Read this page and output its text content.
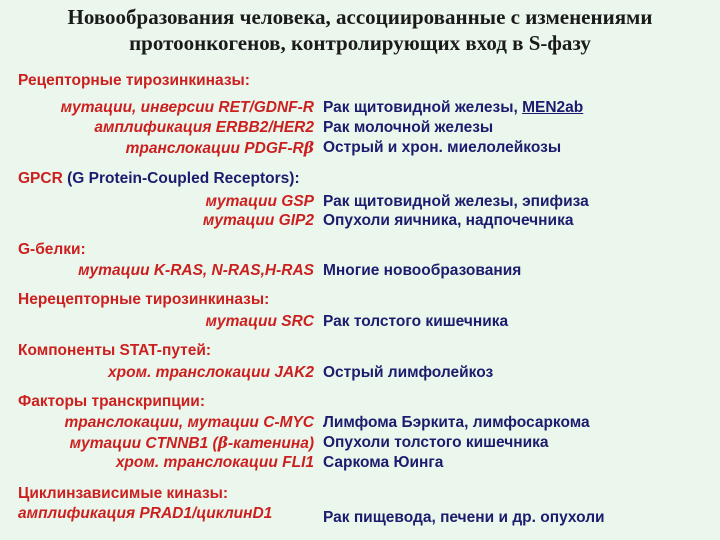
Новообразования человека, ассоциированные с изменениями
протоонкогенов, контролирующих вход в S-фазу
Рецепторные тирозинкиназы:
мутации, инверсии RET/GDNF-R Рак щитовидной железы, MEN2ab
амплификация ERBB2/HER2 Рак молочной железы
транслокации PDGF-Rβ Острый и хрон. миелолейкозы
GPCR (G Protein-Coupled Receptors):
мутации GSP Рак щитовидной железы, эпифиза
мутации GIP2 Опухоли яичника, надпочечника
G-белки:
мутации K-RAS, N-RAS,H-RAS Многие новообразования
Нерецепторные тирозинкиназы:
мутации SRC Рак толстого кишечника
Компоненты STAT-путей:
хром. транслокации JAK2 Острый лимфолейкоз
Факторы транскрипции:
транслокации, мутации C-MYC Лимфома Бэркита, лимфосаркома
мутации CTNNB1 (β-катенина) Опухоли толстого кишечника
хром. транслокации FLI1 Саркома Юинга
Циклинзависимые киназы:
амплификация PRAD1/циклинD1	Рак пищевода, печени и др. опухоли
